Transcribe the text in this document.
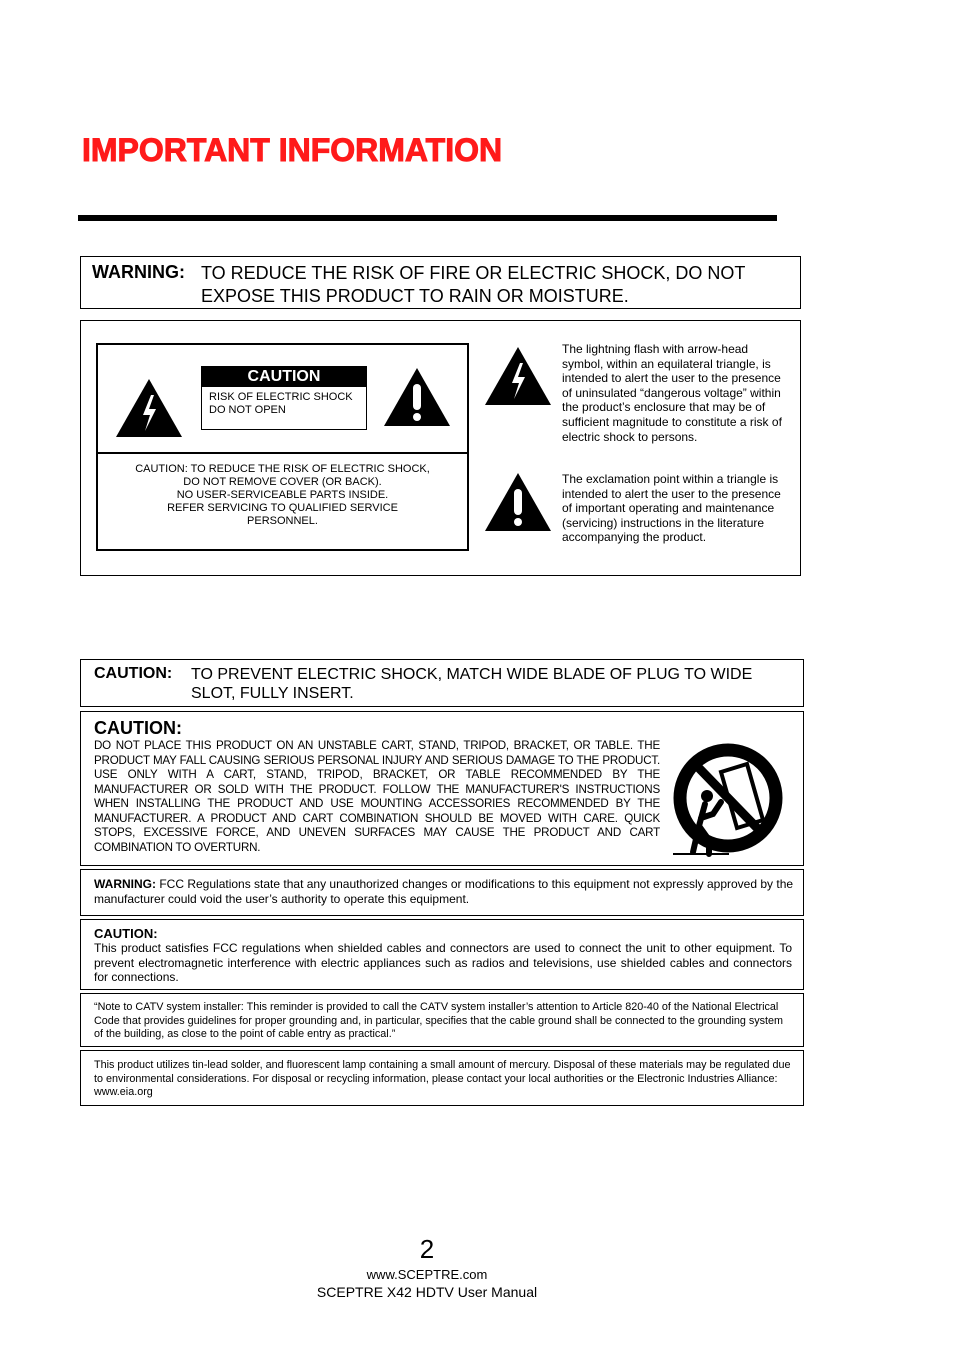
IMPORTANT INFORMATION
WARNING: TO REDUCE THE RISK OF FIRE OR ELECTRIC SHOCK, DO NOT EXPOSE THIS PRODUCT TO RAIN OR MOISTURE.
CAUTION
RISK OF ELECTRIC SHOCK
DO NOT OPEN
CAUTION: TO REDUCE THE RISK OF ELECTRIC SHOCK,
DO NOT REMOVE COVER (OR BACK).
NO USER-SERVICEABLE PARTS INSIDE.
REFER SERVICING TO QUALIFIED SERVICE
PERSONNEL.
The lightning flash with arrow-head symbol, within an equilateral triangle, is intended to alert the user to the presence of uninsulated “dangerous voltage” within the product’s enclosure that may be of sufficient magnitude to constitute a risk of electric shock to persons.
The exclamation point within a triangle is intended to alert the user to the presence of important operating and maintenance (servicing) instructions in the literature accompanying the product.
CAUTION: TO PREVENT ELECTRIC SHOCK, MATCH WIDE BLADE OF PLUG TO WIDE SLOT, FULLY INSERT.
CAUTION:
DO NOT PLACE THIS PRODUCT ON AN UNSTABLE CART, STAND, TRIPOD, BRACKET, OR TABLE. THE PRODUCT MAY FALL CAUSING SERIOUS PERSONAL INJURY AND SERIOUS DAMAGE TO THE PRODUCT. USE ONLY WITH A CART, STAND, TRIPOD, BRACKET, OR TABLE RECOMMENDED BY THE MANUFACTURER OR SOLD WITH THE PRODUCT. FOLLOW THE MANUFACTURER'S INSTRUCTIONS WHEN INSTALLING THE PRODUCT AND USE MOUNTING ACCESSORIES RECOMMENDED BY THE MANUFACTURER. A PRODUCT AND CART COMBINATION SHOULD BE MOVED WITH CARE. QUICK STOPS, EXCESSIVE FORCE, AND UNEVEN SURFACES MAY CAUSE THE PRODUCT AND CART COMBINATION TO OVERTURN.
WARNING: FCC Regulations state that any unauthorized changes or modifications to this equipment not expressly approved by the manufacturer could void the user’s authority to operate this equipment.
CAUTION:
This product satisfies FCC regulations when shielded cables and connectors are used to connect the unit to other equipment. To prevent electromagnetic interference with electric appliances such as radios and televisions, use shielded cables and connectors for connections.
“Note to CATV system installer: This reminder is provided to call the CATV system installer’s attention to Article 820-40 of the National Electrical Code that provides guidelines for proper grounding and, in particular, specifies that the cable ground shall be connected to the grounding system of the building, as close to the point of cable entry as practical.”
This product utilizes tin-lead solder, and fluorescent lamp containing a small amount of mercury. Disposal of these materials may be regulated due to environmental considerations. For disposal or recycling information, please contact your local authorities or the Electronic Industries Alliance: www.eia.org
2
www.SCEPTRE.com
SCEPTRE X42 HDTV User Manual
